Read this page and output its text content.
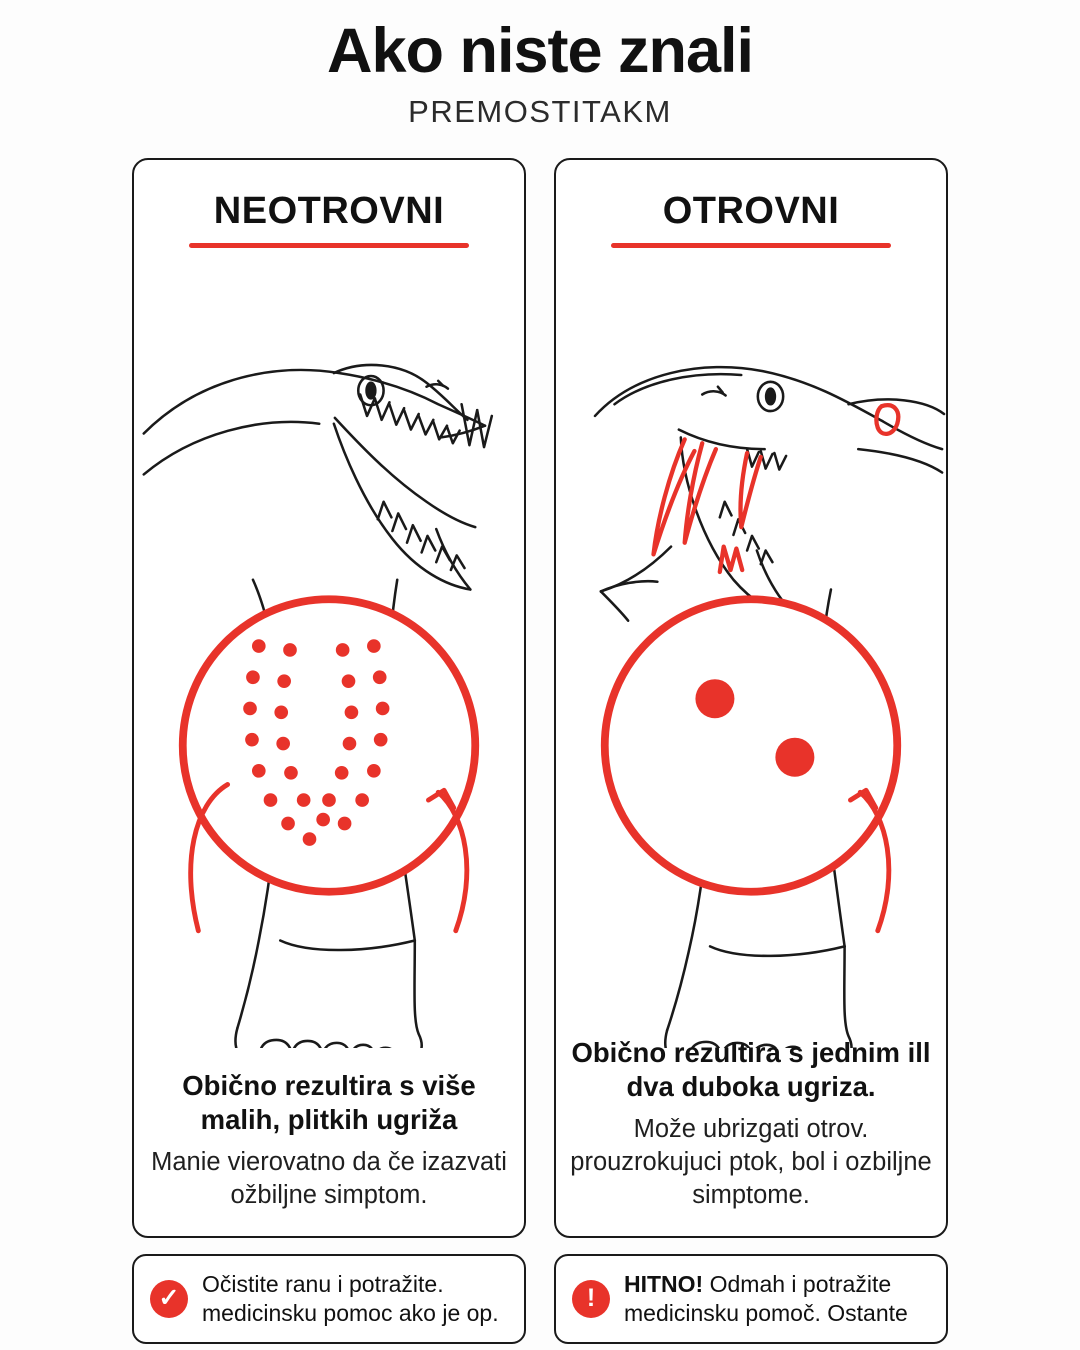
Ako niste znali
PREMOSTITAKM
NEOTROVNI
Obično rezultira s više malih, plitkih ugriža
Manie vierovatno da če izazvati ožbiljne simptom.
OTROVNI
Obično rezultira s jednim ill dva duboka ugriza.
Može ubrizgati otrov. prouzrokujuci ptok, bol i ozbiljne simptome.
✓
Očistite ranu i potražite. medicinsku pomoc ako je op.
!
HITNO! Odmah i potražite medicinsku pomoč. Ostante
